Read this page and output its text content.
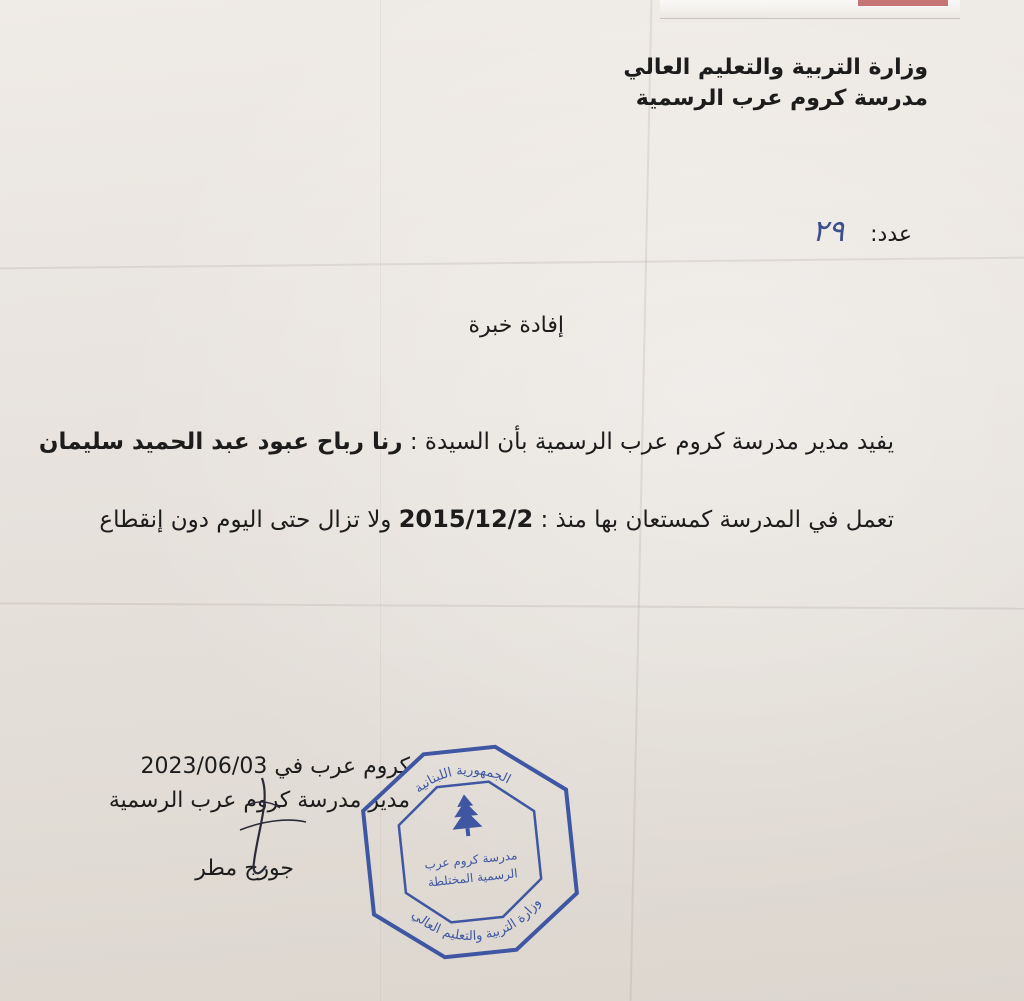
وزارة التربية والتعليم العالي
مدرسة كروم عرب الرسمية
عدد:
٢٩
إفادة خبرة
يفيد مدير مدرسة كروم عرب الرسمية بأن السيدة : رنا رباح عبود عبد الحميد سليمان
تعمل في المدرسة كمستعان بها منذ : 2015/12/2 ولا تزال حتى اليوم دون إنقطاع
كروم عرب في 2023/06/03
مدير مدرسة كروم عرب الرسمية
جورج مطر
الجمهورية اللبنانية
وزارة التربية والتعليم العالي
مدرسة كروم عرب
الرسمية المختلطة
